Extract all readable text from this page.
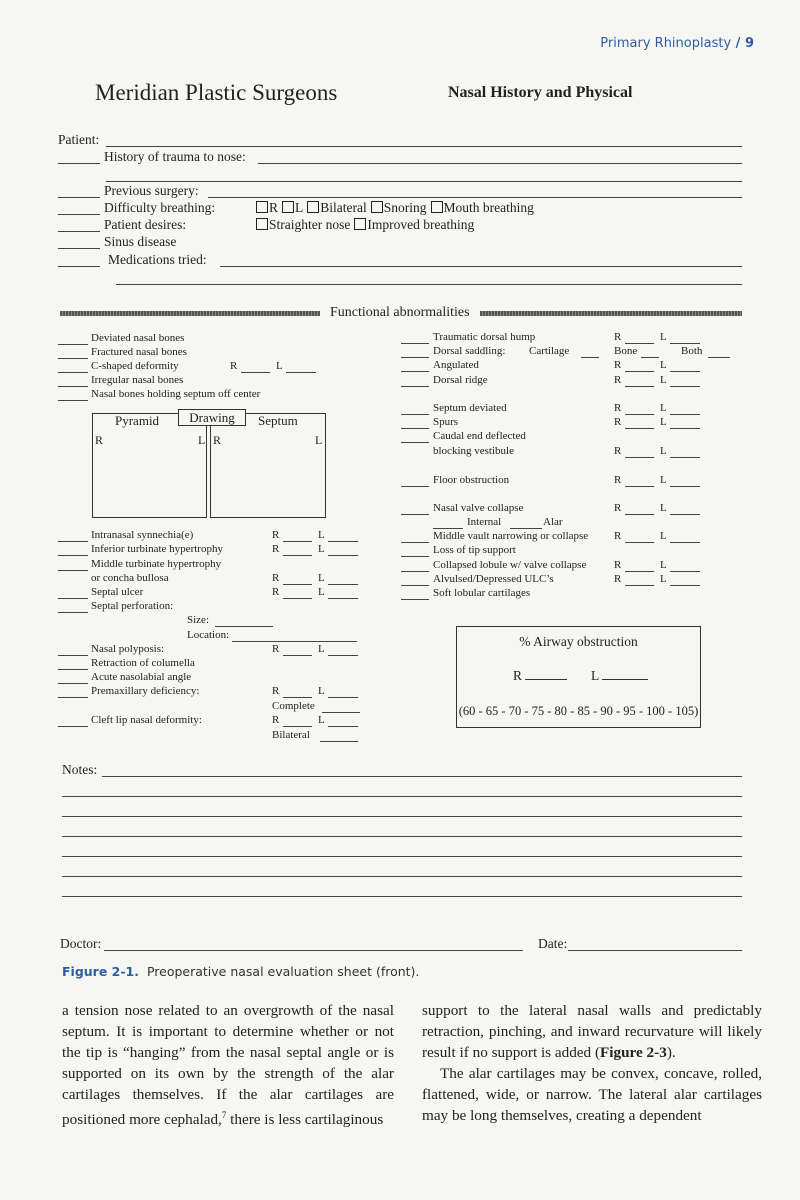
Primary Rhinoplasty / 9
Meridian Plastic Surgeons	Nasal History and Physical
Patient:
History of trauma to nose:
Previous surgery:
Difficulty breathing:	R L Bilateral Snoring Mouth breathing
Patient desires:	Straighter nose Improved breathing
Sinus disease
Medications tried:
Functional abnormalities
Deviated nasal bones
Fractured nasal bones
C-shaped deformity	R	L
Irregular nasal bones
Nasal bones holding septum off center
Intranasal synnechia(e)	R	L
Inferior turbinate hypertrophy	R	L
Middle turbinate hypertrophy
or concha bullosa	R	L
Septal ulcer	R	L
Septal perforation:
Size:
Location:
Nasal polyposis:	R	L
Retraction of columella
Acute nasolabial angle
Premaxillary deficiency:	R	L
Complete
Cleft lip nasal deformity:	R	L
Bilateral
Traumatic dorsal hump	R	L
Dorsal saddling: Cartilage	Bone	Both
Angulated	R	L
Dorsal ridge	R	L
Septum deviated	R	L
Spurs	R	L
Caudal end deflected
blocking vestibule	R	L
Floor obstruction	R	L
Nasal valve collapse	R	L
Internal	Alar
Middle vault narrowing or collapse R	L
Loss of tip support
Collapsed lobule w/ valve collapse	R	L
Alvulsed/Depressed ULC’s	R	L
Soft lobular cartilages
Drawing
Pyramid	Septum
R	L R	L
% Airway obstruction
R	L
(60 - 65 - 70 - 75 - 80 - 85 - 90 - 95 - 100 - 105)
Notes:
Doctor:	Date:
Figure 2-1. Preoperative nasal evaluation sheet (front).

a tension nose related to an overgrowth of the nasal septum. It is important to determine whether or not the tip is “hanging” from the nasal septal angle or is supported on its own by the strength of the alar cartilages themselves. If the alar cartilages are positioned more cephalad,$^7$ there is less cartilaginous

support to the lateral nasal walls and predictably retraction, pinching, and inward recurvature will likely result if no support is added (Figure 2-3).

The alar cartilages may be convex, concave, rolled, flattened, wide, or narrow. The lateral alar cartilages may be long themselves, creating a dependent
